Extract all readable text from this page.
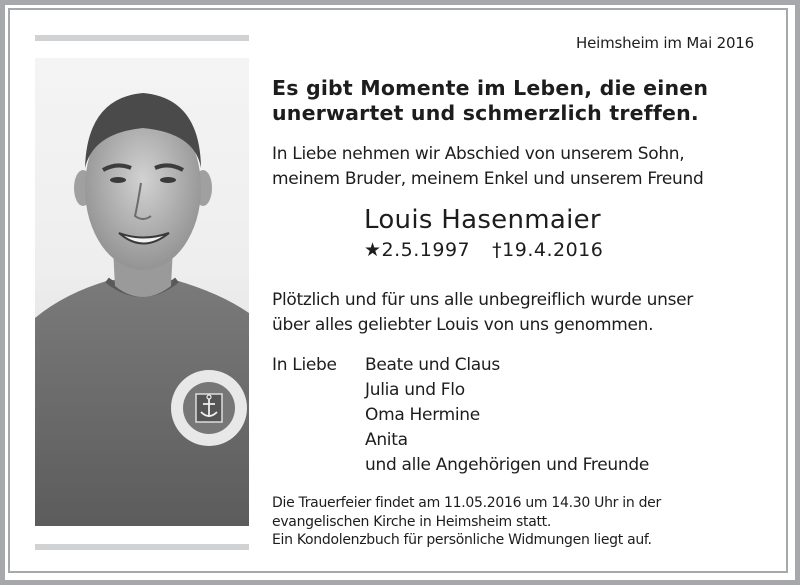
Heimsheim im Mai 2016
Es gibt Momente im Leben, die einen
unerwartet und schmerzlich treffen.
In Liebe nehmen wir Abschied von unserem Sohn,
meinem Bruder, meinem Enkel und unserem Freund
Louis Hasenmaier
★2.5.1997 †19.4.2016
Plötzlich und für uns alle unbegreiflich wurde unser
über alles geliebter Louis von uns genommen.
In Liebe	Beate und Claus
Julia und Flo
Oma Hermine
Anita
und alle Angehörigen und Freunde
Die Trauerfeier findet am 11.05.2016 um 14.30 Uhr in der
evangelischen Kirche in Heimsheim statt.
Ein Kondolenzbuch für persönliche Widmungen liegt auf.
